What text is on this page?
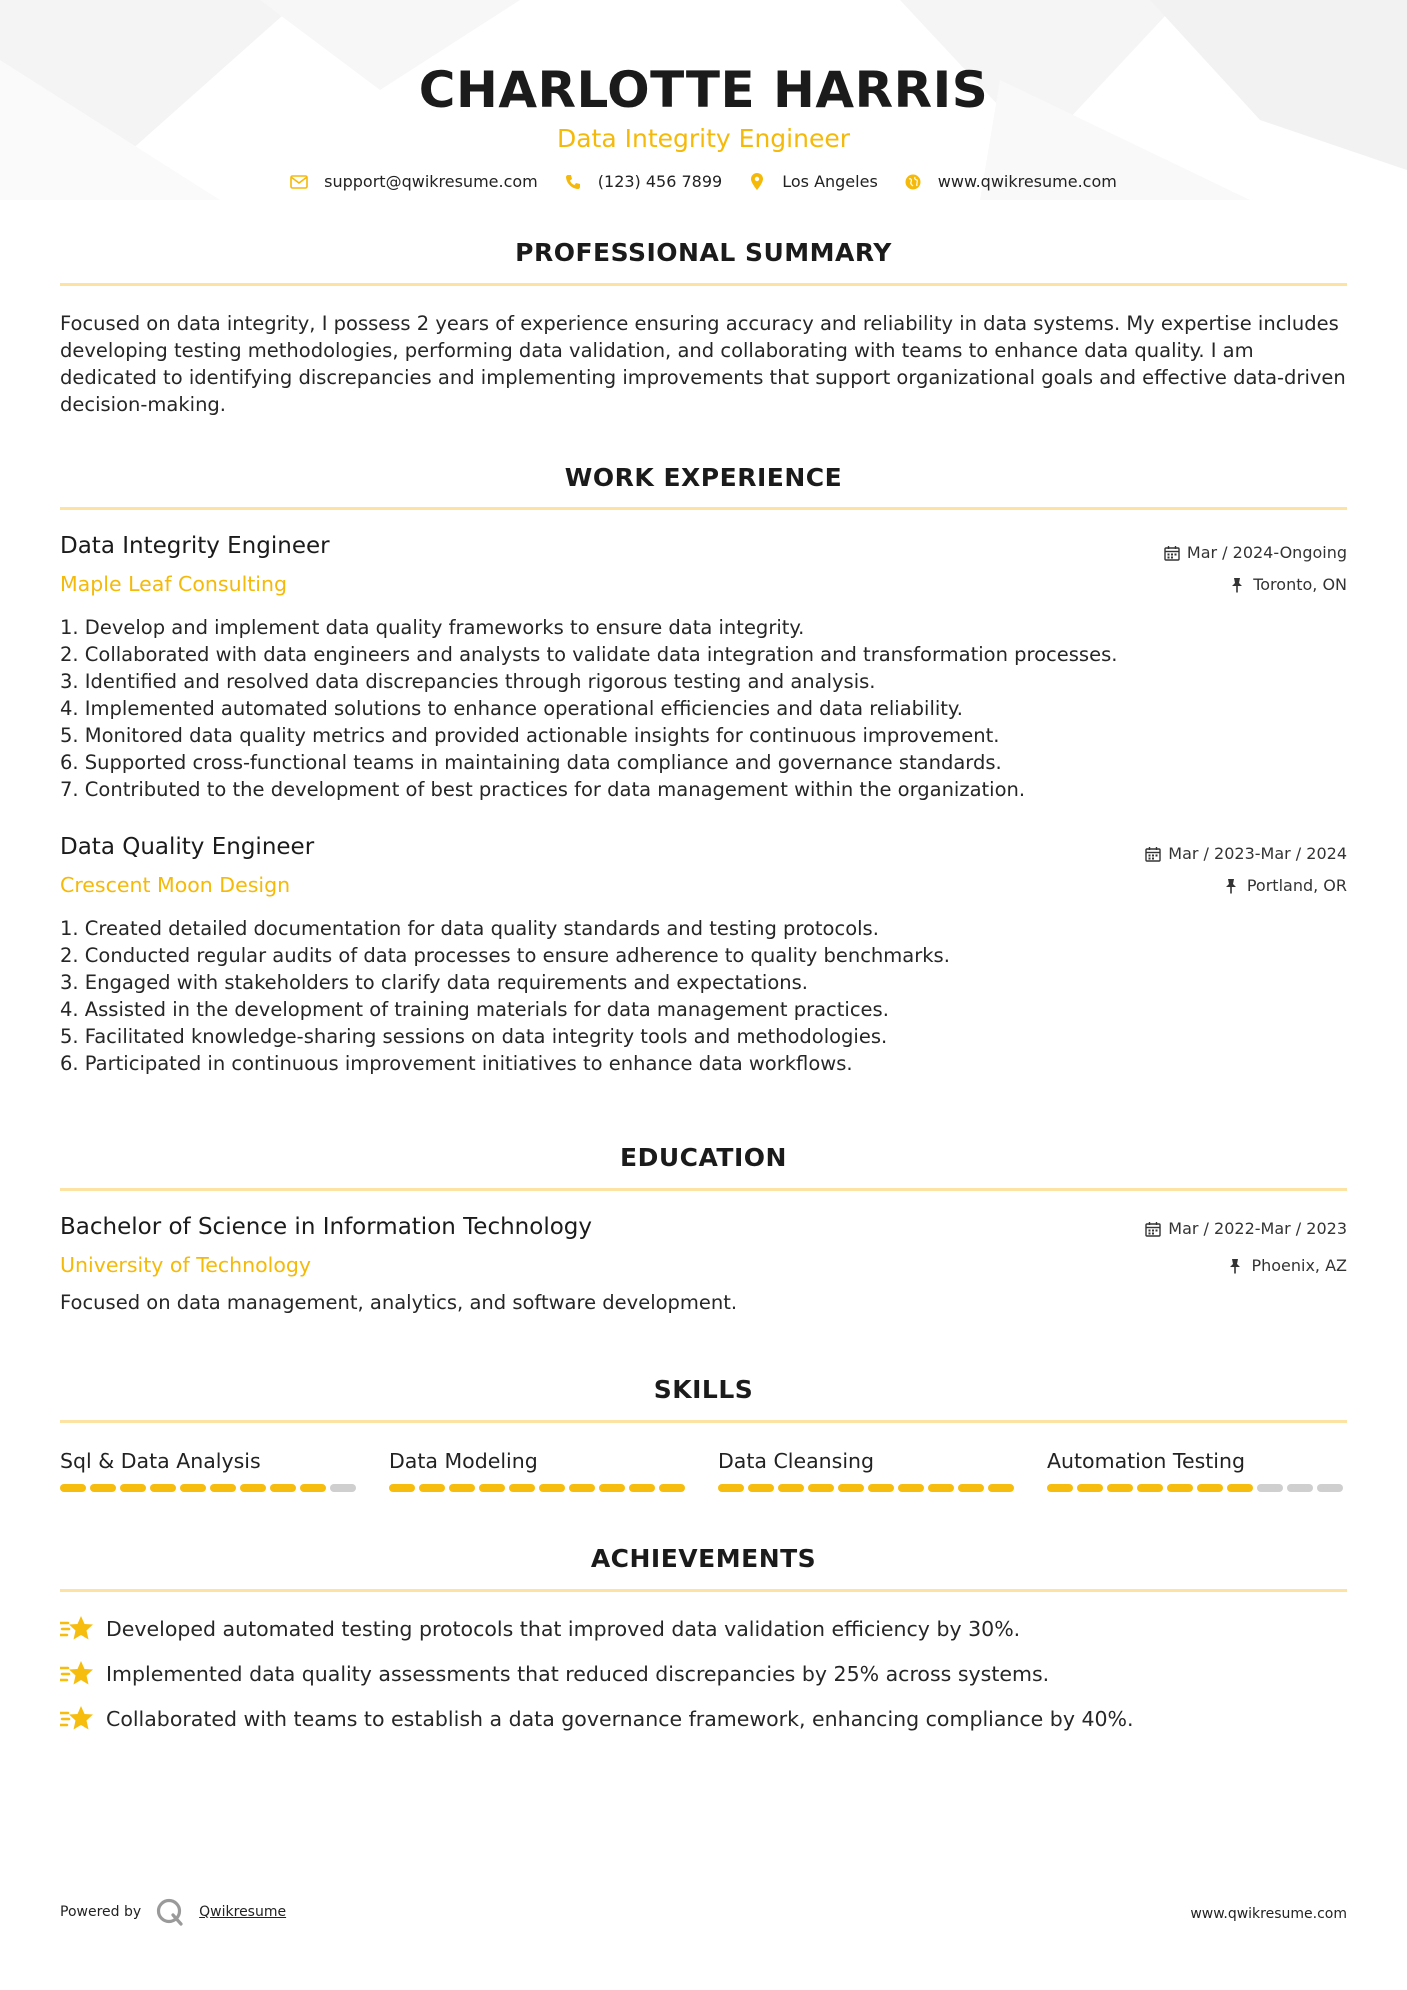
CHARLOTTE HARRIS
Data Integrity Engineer
support@qwikresume.com	(123) 456 7899	Los Angeles	www.qwikresume.com
PROFESSIONAL SUMMARY
Focused on data integrity, I possess 2 years of experience ensuring accuracy and reliability in data systems. My expertise includes developing testing methodologies, performing data validation, and collaborating with teams to enhance data quality. I am dedicated to identifying discrepancies and implementing improvements that support organizational goals and effective data-driven decision-making.
WORK EXPERIENCE
Data Integrity Engineer
Maple Leaf Consulting
Mar / 2024-Ongoing
Toronto, ON
1. Develop and implement data quality frameworks to ensure data integrity.
2. Collaborated with data engineers and analysts to validate data integration and transformation processes.
3. Identified and resolved data discrepancies through rigorous testing and analysis.
4. Implemented automated solutions to enhance operational efficiencies and data reliability.
5. Monitored data quality metrics and provided actionable insights for continuous improvement.
6. Supported cross-functional teams in maintaining data compliance and governance standards.
7. Contributed to the development of best practices for data management within the organization.
Data Quality Engineer
Crescent Moon Design
Mar / 2023-Mar / 2024
Portland, OR
1. Created detailed documentation for data quality standards and testing protocols.
2. Conducted regular audits of data processes to ensure adherence to quality benchmarks.
3. Engaged with stakeholders to clarify data requirements and expectations.
4. Assisted in the development of training materials for data management practices.
5. Facilitated knowledge-sharing sessions on data integrity tools and methodologies.
6. Participated in continuous improvement initiatives to enhance data workflows.
EDUCATION
Bachelor of Science in Information Technology
University of Technology
Mar / 2022-Mar / 2023
Phoenix, AZ
Focused on data management, analytics, and software development.
SKILLS
Sql & Data Analysis	Data Modeling	Data Cleansing	Automation Testing
ACHIEVEMENTS
Developed automated testing protocols that improved data validation efficiency by 30%.
Implemented data quality assessments that reduced discrepancies by 25% across systems.
Collaborated with teams to establish a data governance framework, enhancing compliance by 40%.
Powered by	Qwikresume	www.qwikresume.com
